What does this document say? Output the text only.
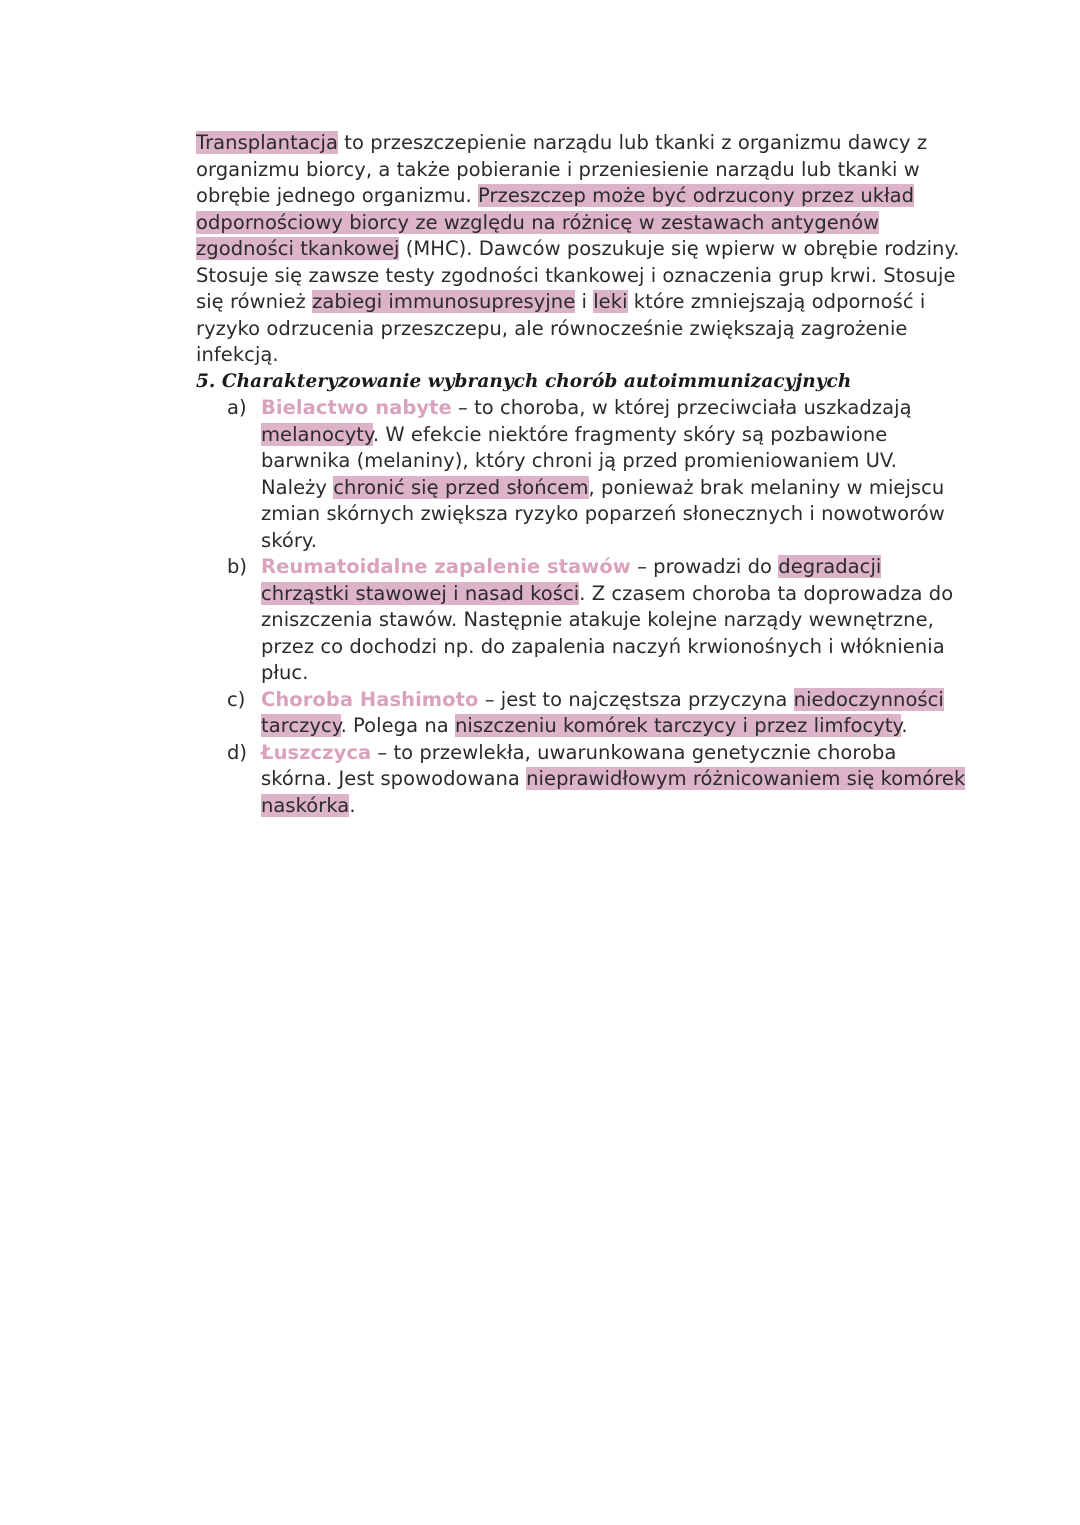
Transplantacja to przeszczepienie narządu lub tkanki z organizmu dawcy z organizmu biorcy, a także pobieranie i przeniesienie narządu lub tkanki w obrębie jednego organizmu. Przeszczep może być odrzucony przez układ odpornościowy biorcy ze względu na różnicę w zestawach antygenów zgodności tkankowej (MHC). Dawców poszukuje się wpierw w obrębie rodziny. Stosuje się zawsze testy zgodności tkankowej i oznaczenia grup krwi. Stosuje się również zabiegi immunosupresyjne i leki które zmniejszają odporność i ryzyko odrzucenia przeszczepu, ale równocześnie zwiększają zagrożenie infekcją.

5. Charakteryzowanie wybranych chorób autoimmunizacyjnych
a) Bielactwo nabyte – to choroba, w której przeciwciała uszkadzają melanocyty. W efekcie niektóre fragmenty skóry są pozbawione barwnika (melaniny), który chroni ją przed promieniowaniem UV. Należy chronić się przed słońcem, ponieważ brak melaniny w miejscu zmian skórnych zwiększa ryzyko poparzeń słonecznych i nowotworów skóry.
b) Reumatoidalne zapalenie stawów – prowadzi do degradacji chrząstki stawowej i nasad kości. Z czasem choroba ta doprowadza do zniszczenia stawów. Następnie atakuje kolejne narządy wewnętrzne, przez co dochodzi np. do zapalenia naczyń krwionośnych i włóknienia płuc.
c) Choroba Hashimoto – jest to najczęstsza przyczyna niedoczynności tarczycy. Polega na niszczeniu komórek tarczycy i przez limfocyty.
d) Łuszczyca – to przewlekła, uwarunkowana genetycznie choroba skórna. Jest spowodowana nieprawidłowym różnicowaniem się komórek naskórka.
